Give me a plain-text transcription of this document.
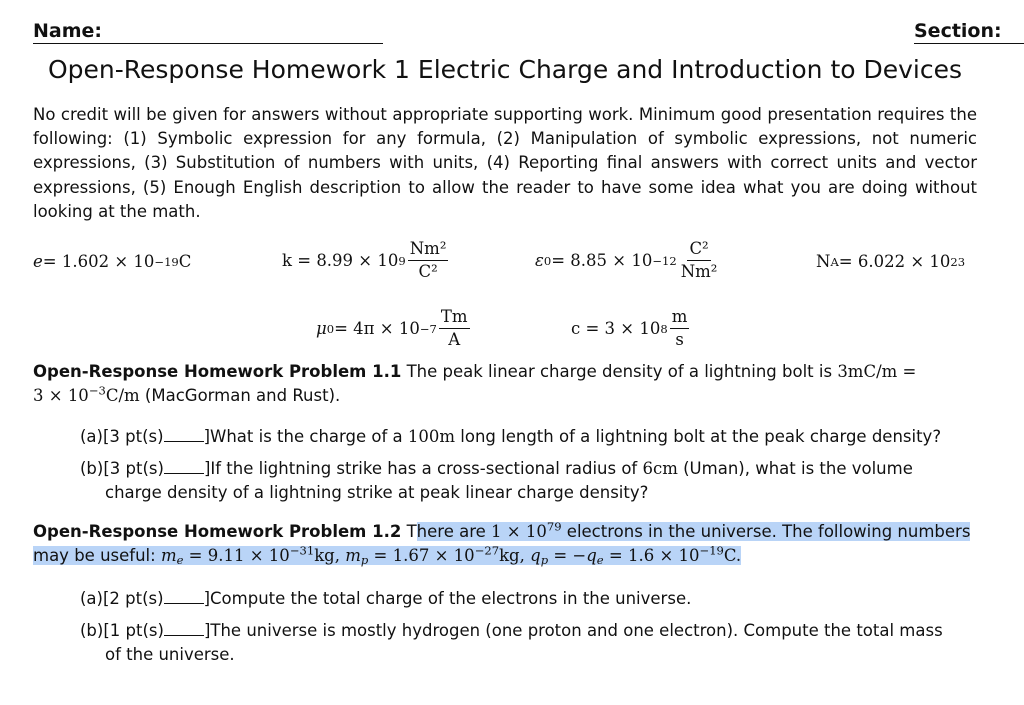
Name:	Section:
Open-Response Homework 1 Electric Charge and Introduction to Devices
No credit will be given for answers without appropriate supporting work. Minimum good presentation requires the following: (1) Symbolic expression for any formula, (2) Manipulation of symbolic expressions, not numeric expressions, (3) Substitution of numbers with units, (4) Reporting final answers with correct units and vector expressions, (5) Enough English description to allow the reader to have some idea what you are doing without looking at the math.
e = 1.602 × 10 −19 C	k = 8.99 × 10 $9 \frac{\text{Nm²}}{\text{C²}}$	ε $0 = 8.85 \times 10 -12 \frac{\text{C²}}{\text{Nm²}}$	N A = 6.022 × 10 23
μ $0 = 4\pi \times 10 -7 \frac{Tm}{A}$	c = 3 × 10 $8 \frac{m}{s}$
Open-Response Homework Problem 1.1 The peak linear charge density of a lightning bolt is 3mC/m =
$3 \times 10^{-3}C/m$ (MacGorman and Rust).
(a)[3 pt(s) ]What is the charge of a 100m long length of a lightning bolt at the peak charge density?
(b)[3 pt(s) ]If the lightning strike has a cross-sectional radius of 6cm (Uman), what is the volume
charge density of a lightning strike at peak linear charge density?
Open-Response Homework Problem 1.2 There are $1 \times 10^{79}$ electrons in the universe. The following numbers
may be useful: $m_e = 9.11 \times 10^{-31}kg$, $m_p = 1.67 \times 10^{-27}kg$, $q_p = -q_e = 1.6 \times 10^{-19}C$.
(a)[2 pt(s) ]Compute the total charge of the electrons in the universe.
(b)[1 pt(s) ]The universe is mostly hydrogen (one proton and one electron). Compute the total mass
of the universe.
